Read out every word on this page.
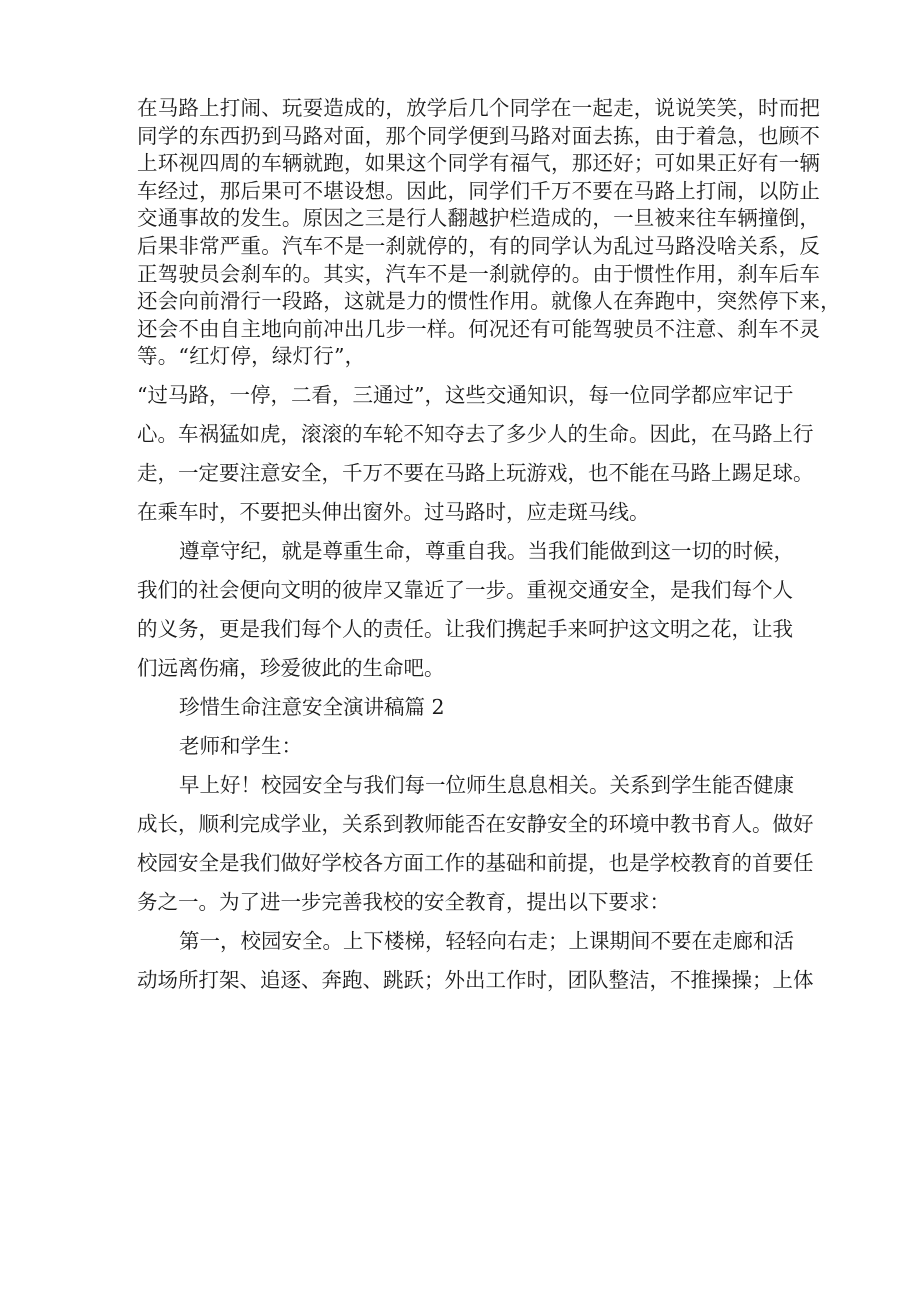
在马路上打闹、玩耍造成的，放学后几个同学在一起走，说说笑笑，时而把
同学的东西扔到马路对面，那个同学便到马路对面去拣，由于着急，也顾不
上环视四周的车辆就跑，如果这个同学有福气，那还好；可如果正好有一辆
车经过，那后果可不堪设想。因此，同学们千万不要在马路上打闹，以防止
交通事故的发生。原因之三是行人翻越护栏造成的，一旦被来往车辆撞倒，
后果非常严重。汽车不是一刹就停的，有的同学认为乱过马路没啥关系，反
正驾驶员会刹车的。其实，汽车不是一刹就停的。由于惯性作用，刹车后车
还会向前滑行一段路，这就是力的惯性作用。就像人在奔跑中，突然停下来，
还会不由自主地向前冲出几步一样。何况还有可能驾驶员不注意、刹车不灵
等。“红灯停，绿灯行”，
“过马路，一停，二看，三通过”，这些交通知识，每一位同学都应牢记于
心。车祸猛如虎，滚滚的车轮不知夺去了多少人的生命。因此，在马路上行
走，一定要注意安全，千万不要在马路上玩游戏，也不能在马路上踢足球。
在乘车时，不要把头伸出窗外。过马路时，应走斑马线。
遵章守纪，就是尊重生命，尊重自我。当我们能做到这一切的时候，
我们的社会便向文明的彼岸又靠近了一步。重视交通安全，是我们每个人
的义务，更是我们每个人的责任。让我们携起手来呵护这文明之花，让我
们远离伤痛，珍爱彼此的生命吧。
珍惜生命注意安全演讲稿篇 2
老师和学生：
早上好！校园安全与我们每一位师生息息相关。关系到学生能否健康
成长，顺利完成学业，关系到教师能否在安静安全的环境中教书育人。做好
校园安全是我们做好学校各方面工作的基础和前提，也是学校教育的首要任
务之一。为了进一步完善我校的安全教育，提出以下要求：
第一，校园安全。上下楼梯，轻轻向右走；上课期间不要在走廊和活
动场所打架、追逐、奔跑、跳跃；外出工作时，团队整洁，不推操操；上体
